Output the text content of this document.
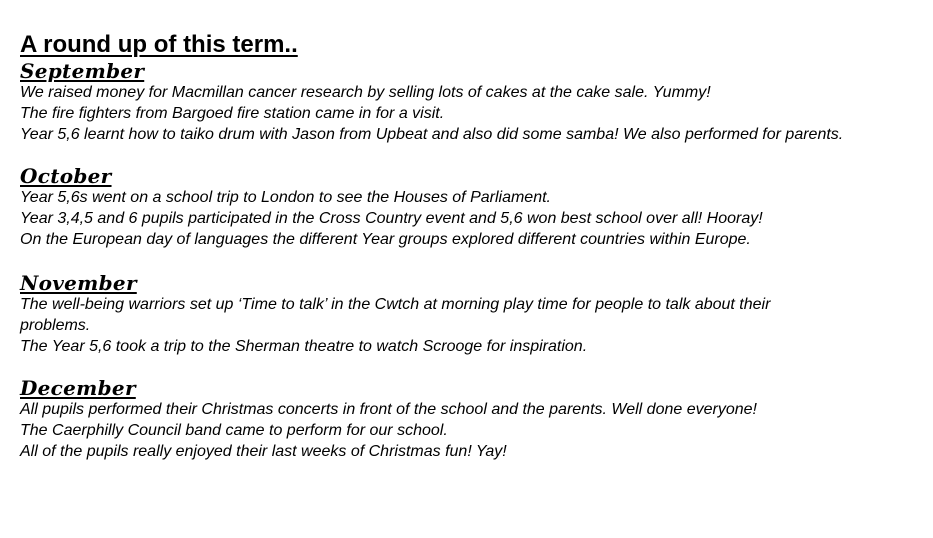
A round up of this term..
September

We raised money for Macmillan cancer research by selling lots of cakes at the cake sale. Yummy!

The fire fighters from Bargoed fire station came in for a visit.

Year 5,6 learnt how to taiko drum with Jason from Upbeat and also did some samba! We also performed for parents.

October

Year 5,6s went on a school trip to London to see the Houses of Parliament.

Year 3,4,5 and 6 pupils participated in the Cross Country event and 5,6 won best school over all! Hooray!

On the European day of languages the different Year groups explored different countries within Europe.

November

The well-being warriors set up ‘Time to talk’ in the Cwtch at morning play time for people to talk about their

problems.

The Year 5,6 took a trip to the Sherman theatre to watch Scrooge for inspiration.

December

All pupils performed their Christmas concerts in front of the school and the parents. Well done everyone!

The Caerphilly Council band came to perform for our school.

All of the pupils really enjoyed their last weeks of Christmas fun! Yay!
